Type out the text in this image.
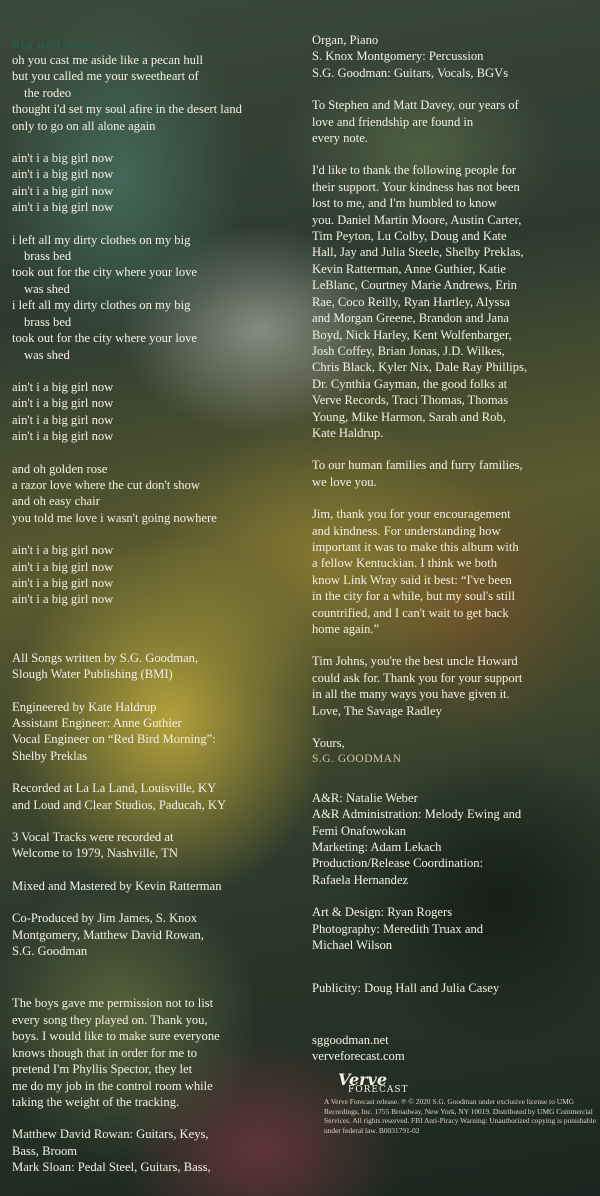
big girl now
oh you cast me aside like a pecan hull
but you called me your sweetheart of
the rodeo
thought i'd set my soul afire in the desert land
only to go on all alone again
ain't i a big girl now
ain't i a big girl now
ain't i a big girl now
ain't i a big girl now
i left all my dirty clothes on my big
brass bed
took out for the city where your love
was shed
i left all my dirty clothes on my big
brass bed
took out for the city where your love
was shed
ain't i a big girl now
ain't i a big girl now
ain't i a big girl now
ain't i a big girl now
and oh golden rose
a razor love where the cut don't show
and oh easy chair
you told me love i wasn't going nowhere
ain't i a big girl now
ain't i a big girl now
ain't i a big girl now
ain't i a big girl now
All Songs written by S.G. Goodman,
Slough Water Publishing (BMI)
Engineered by Kate Haldrup
Assistant Engineer: Anne Guthier
Vocal Engineer on “Red Bird Morning”:
Shelby Preklas
Recorded at La La Land, Louisville, KY
and Loud and Clear Studios, Paducah, KY
3 Vocal Tracks were recorded at
Welcome to 1979, Nashville, TN
Mixed and Mastered by Kevin Ratterman
Co-Produced by Jim James, S. Knox
Montgomery, Matthew David Rowan,
S.G. Goodman
The boys gave me permission not to list
every song they played on. Thank you,
boys. I would like to make sure everyone
knows though that in order for me to
pretend I'm Phyllis Spector, they let
me do my job in the control room while
taking the weight of the tracking.
Matthew David Rowan: Guitars, Keys,
Bass, Broom
Mark Sloan: Pedal Steel, Guitars, Bass,
Organ, Piano
S. Knox Montgomery: Percussion
S.G. Goodman: Guitars, Vocals, BGVs
To Stephen and Matt Davey, our years of
love and friendship are found in
every note.
I'd like to thank the following people for
their support. Your kindness has not been
lost to me, and I'm humbled to know
you. Daniel Martin Moore, Austin Carter,
Tim Peyton, Lu Colby, Doug and Kate
Hall, Jay and Julia Steele, Shelby Preklas,
Kevin Ratterman, Anne Guthier, Katie
LeBlanc, Courtney Marie Andrews, Erin
Rae, Coco Reilly, Ryan Hartley, Alyssa
and Morgan Greene, Brandon and Jana
Boyd, Nick Harley, Kent Wolfenbarger,
Josh Coffey, Brian Jonas, J.D. Wilkes,
Chris Black, Kyler Nix, Dale Ray Phillips,
Dr. Cynthia Gayman, the good folks at
Verve Records, Traci Thomas, Thomas
Young, Mike Harmon, Sarah and Rob,
Kate Haldrup.
To our human families and furry families,
we love you.
Jim, thank you for your encouragement
and kindness. For understanding how
important it was to make this album with
a fellow Kentuckian. I think we both
know Link Wray said it best: “I've been
in the city for a while, but my soul's still
countrified, and I can't wait to get back
home again.”
Tim Johns, you're the best uncle Howard
could ask for. Thank you for your support
in all the many ways you have given it.
Love, The Savage Radley
Yours,
S.G. GOODMAN
A&R: Natalie Weber
A&R Administration: Melody Ewing and
Femi Onafowokan
Marketing: Adam Lekach
Production/Release Coordination:
Rafaela Hernandez
Art & Design: Ryan Rogers
Photography: Meredith Truax and
Michael Wilson
Publicity: Doug Hall and Julia Casey
sggoodman.net
verveforecast.com
Verve
FORECAST
A Verve Forecast release. ℗ © 2020 S.G. Goodman under exclusive license to UMG Recordings, Inc. 1755 Broadway, New York, NY 10019. Distributed by UMG Commercial Services. All rights reserved. FBI Anti-Piracy Warning: Unauthorized copying is punishable under federal law. B0031791-02
